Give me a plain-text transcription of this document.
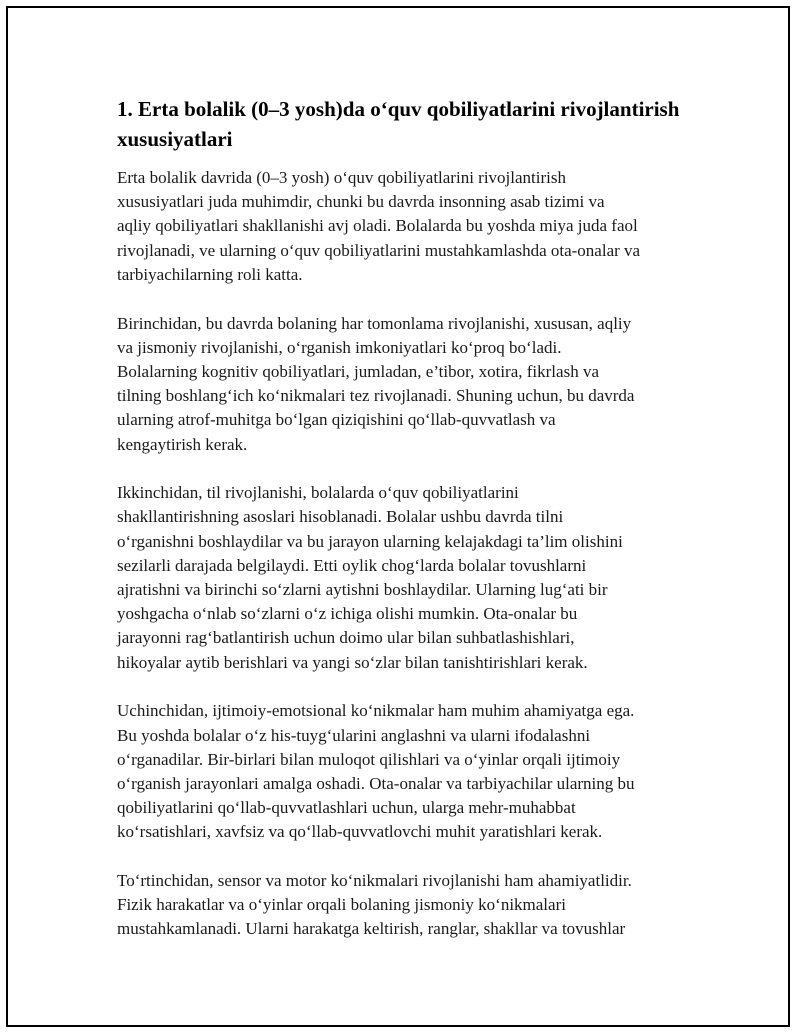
1. Erta bolalik (0–3 yosh)da o‘quv qobiliyatlarini rivojlantirish xususiyatlari

Erta bolalik davrida (0–3 yosh) o‘quv qobiliyatlarini rivojlantirish
xususiyatlari juda muhimdir, chunki bu davrda insonning asab tizimi va
aqliy qobiliyatlari shakllanishi avj oladi. Bolalarda bu yoshda miya juda faol
rivojlanadi, ve ularning o‘quv qobiliyatlarini mustahkamlashda ota-onalar va
tarbiyachilarning roli katta.

Birinchidan, bu davrda bolaning har tomonlama rivojlanishi, xususan, aqliy
va jismoniy rivojlanishi, o‘rganish imkoniyatlari ko‘proq bo‘ladi.
Bolalarning kognitiv qobiliyatlari, jumladan, e’tibor, xotira, fikrlash va
tilning boshlang‘ich ko‘nikmalari tez rivojlanadi. Shuning uchun, bu davrda
ularning atrof-muhitga bo‘lgan qiziqishini qo‘llab-quvvatlash va
kengaytirish kerak.

Ikkinchidan, til rivojlanishi, bolalarda o‘quv qobiliyatlarini
shakllantirishning asoslari hisoblanadi. Bolalar ushbu davrda tilni
o‘rganishni boshlaydilar va bu jarayon ularning kelajakdagi ta’lim olishini
sezilarli darajada belgilaydi. Etti oylik chog‘larda bolalar tovushlarni
ajratishni va birinchi so‘zlarni aytishni boshlaydilar. Ularning lug‘ati bir
yoshgacha o‘nlab so‘zlarni o‘z ichiga olishi mumkin. Ota-onalar bu
jarayonni rag‘batlantirish uchun doimo ular bilan suhbatlashishlari,
hikoyalar aytib berishlari va yangi so‘zlar bilan tanishtirishlari kerak.

Uchinchidan, ijtimoiy-emotsional ko‘nikmalar ham muhim ahamiyatga ega.
Bu yoshda bolalar o‘z his-tuyg‘ularini anglashni va ularni ifodalashni
o‘rganadilar. Bir-birlari bilan muloqot qilishlari va o‘yinlar orqali ijtimoiy
o‘rganish jarayonlari amalga oshadi. Ota-onalar va tarbiyachilar ularning bu
qobiliyatlarini qo‘llab-quvvatlashlari uchun, ularga mehr-muhabbat
ko‘rsatishlari, xavfsiz va qo‘llab-quvvatlovchi muhit yaratishlari kerak.

To‘rtinchidan, sensor va motor ko‘nikmalari rivojlanishi ham ahamiyatlidir.
Fizik harakatlar va o‘yinlar orqali bolaning jismoniy ko‘nikmalari
mustahkamlanadi. Ularni harakatga keltirish, ranglar, shakllar va tovushlar
